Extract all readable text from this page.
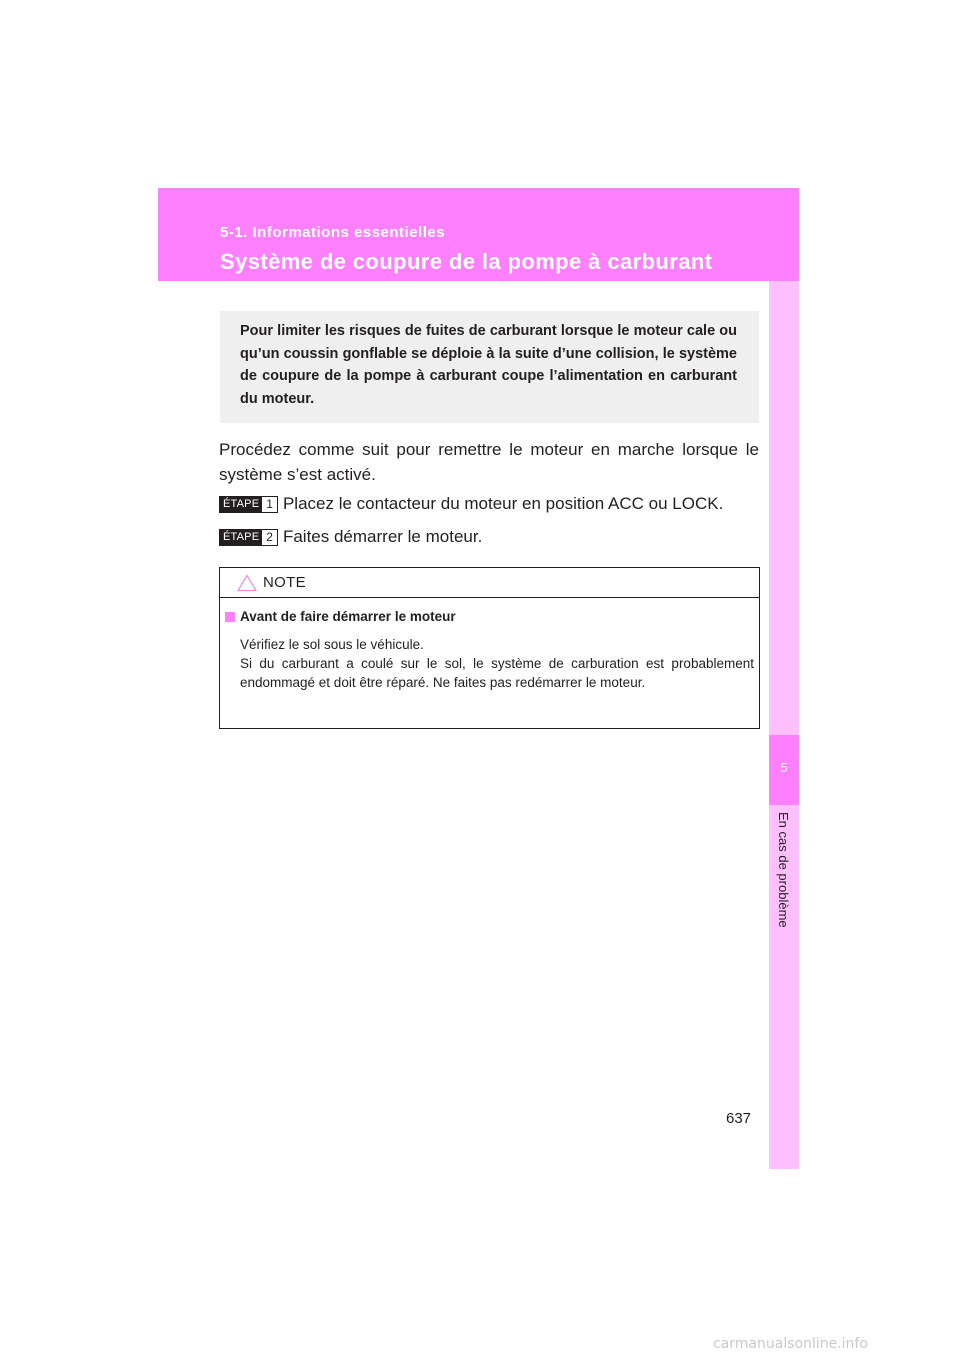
5-1. Informations essentielles
Système de coupure de la pompe à carburant
5
En cas de problème

Pour limiter les risques de fuites de carburant lorsque le moteur cale ou qu’un coussin gonflable se déploie à la suite d’une collision, le système de coupure de la pompe à carburant coupe l’alimentation en carburant du moteur.

Procédez comme suit pour remettre le moteur en marche lorsque le système s’est activé.

ÉTAPE 1 Placez le contacteur du moteur en position ACC ou LOCK.
ÉTAPE 2 Faites démarrer le moteur.
NOTE
Avant de faire démarrer le moteur
Vérifiez le sol sous le véhicule.
Si du carburant a coulé sur le sol, le système de carburation est probablement endommagé et doit être réparé. Ne faites pas redémarrer le moteur.
637
carmanualsonline.info
